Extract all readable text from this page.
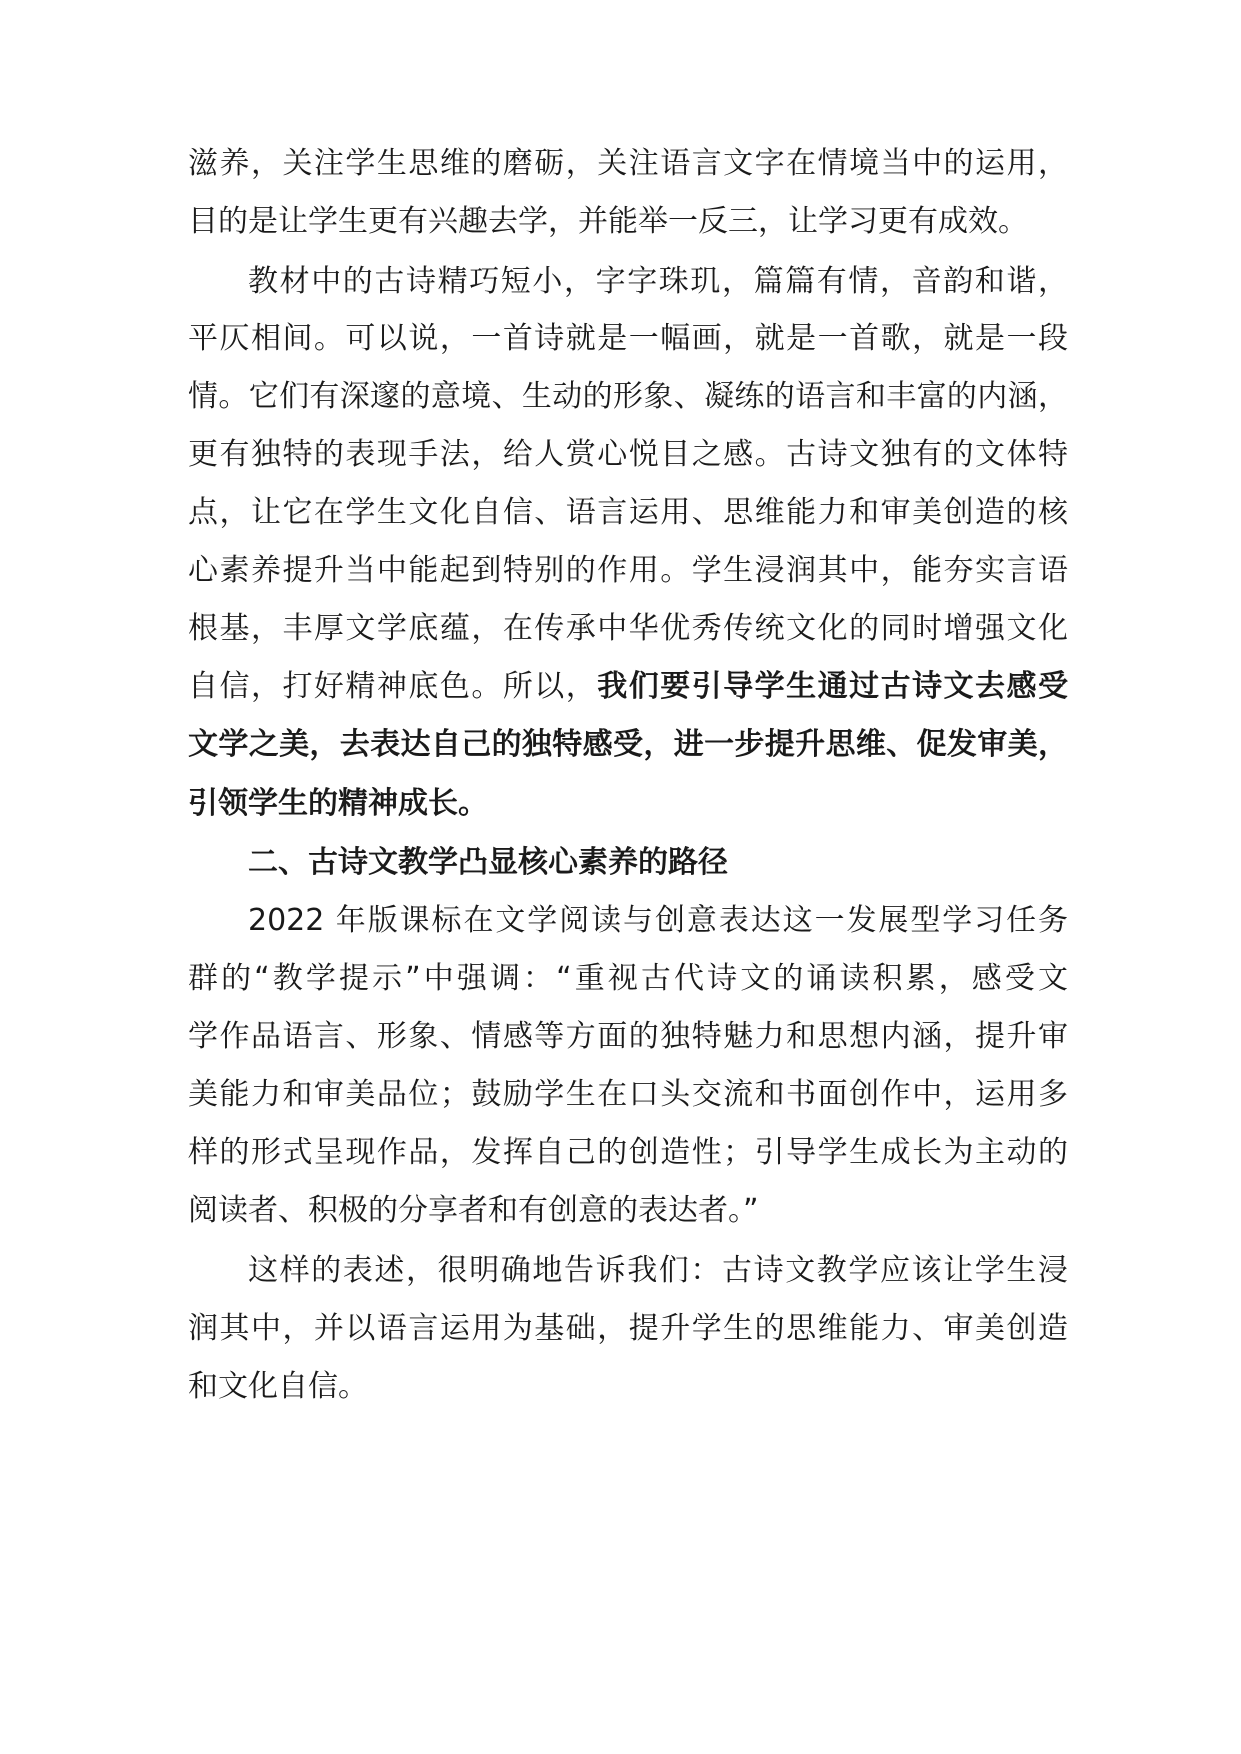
滋养，关注学生思维的磨砺，关注语言文字在情境当中的运用，
目的是让学生更有兴趣去学，并能举一反三，让学习更有成效。
教材中的古诗精巧短小，字字珠玑，篇篇有情，音韵和谐，
平仄相间。可以说，一首诗就是一幅画，就是一首歌，就是一段
情。它们有深邃的意境、生动的形象、凝练的语言和丰富的内涵，
更有独特的表现手法，给人赏心悦目之感。古诗文独有的文体特
点，让它在学生文化自信、语言运用、思维能力和审美创造的核
心素养提升当中能起到特别的作用。学生浸润其中，能夯实言语
根基，丰厚文学底蕴，在传承中华优秀传统文化的同时增强文化
自信，打好精神底色。所以，我们要引导学生通过古诗文去感受
文学之美，去表达自己的独特感受，进一步提升思维、促发审美，
引领学生的精神成长。
二、古诗文教学凸显核心素养的路径
2022 年版课标在文学阅读与创意表达这一发展型学习任务
群的“教学提示”中强调：“重视古代诗文的诵读积累，感受文
学作品语言、形象、情感等方面的独特魅力和思想内涵，提升审
美能力和审美品位；鼓励学生在口头交流和书面创作中，运用多
样的形式呈现作品，发挥自己的创造性；引导学生成长为主动的
阅读者、积极的分享者和有创意的表达者。”
这样的表述，很明确地告诉我们：古诗文教学应该让学生浸
润其中，并以语言运用为基础，提升学生的思维能力、审美创造
和文化自信。
